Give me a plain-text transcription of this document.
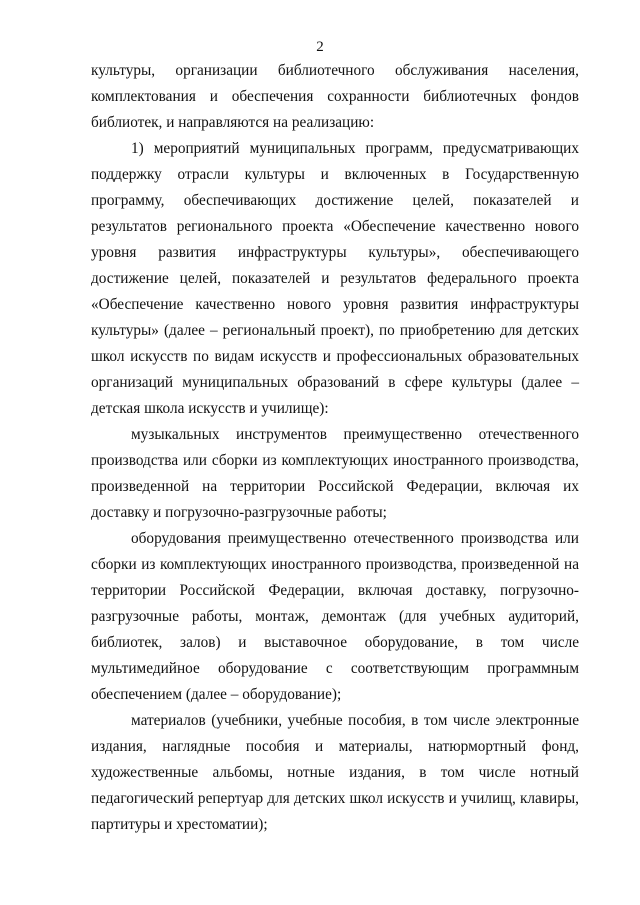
2

культуры, организации библиотечного обслуживания населения, комплектования и обеспечения сохранности библиотечных фондов библиотек, и направляются на реализацию:

1) мероприятий муниципальных программ, предусматривающих поддержку отрасли культуры и включенных в Государственную программу, обеспечивающих достижение целей, показателей и результатов регионального проекта «Обеспечение качественно нового уровня развития инфраструктуры культуры», обеспечивающего достижение целей, показателей и результатов федерального проекта «Обеспечение качественно нового уровня развития инфраструктуры культуры» (далее – региональный проект), по приобретению для детских школ искусств по видам искусств и профессиональных образовательных организаций муниципальных образований в сфере культуры (далее – детская школа искусств и училище):

музыкальных инструментов преимущественно отечественного производства или сборки из комплектующих иностранного производства, произведенной на территории Российской Федерации, включая их доставку и погрузочно-разгрузочные работы;

оборудования преимущественно отечественного производства или сборки из комплектующих иностранного производства, произведенной на территории Российской Федерации, включая доставку, погрузочно-разгрузочные работы, монтаж, демонтаж (для учебных аудиторий, библиотек, залов) и выставочное оборудование, в том числе мультимедийное оборудование с соответствующим программным обеспечением (далее – оборудование);

материалов (учебники, учебные пособия, в том числе электронные издания, наглядные пособия и материалы, натюрмортный фонд, художественные альбомы, нотные издания, в том числе нотный педагогический репертуар для детских школ искусств и училищ, клавиры, партитуры и хрестоматии);
